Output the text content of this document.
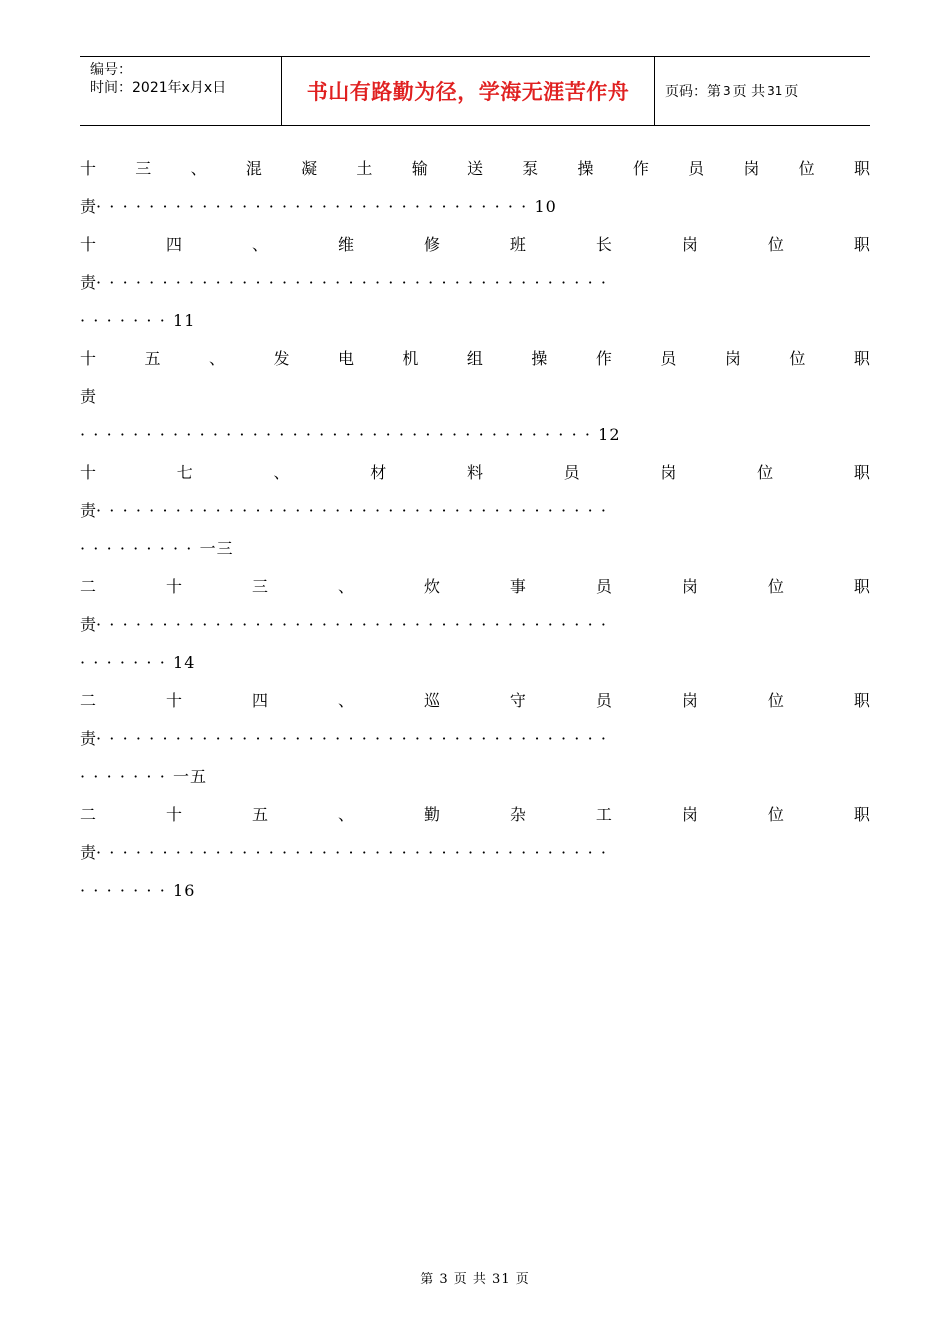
编号：
时间：2021年x月x日	书山有路勤为径，学海无涯苦作舟	页码：第 3 页 共 31 页
十 三 、 混 凝 土 输 送 泵 操 作 员 岗 位 职
责·································10
十	四	、	维	修	班	长	岗	位	职
责·······································
·······11
十	五	、	发	电	机	组	操	作	员	岗	位	职
责
·······································12
十	七	、	材	料	员	岗	位	职
责·······································
·········一三
二	十	三	、	炊	事	员	岗	位	职
责·······································
·······14
二	十	四	、	巡	守	员	岗	位	职
责·······································
·······一五
二	十	五	、	勤	杂	工	岗	位	职
责·······································
·······16
第 3 页 共 31 页
